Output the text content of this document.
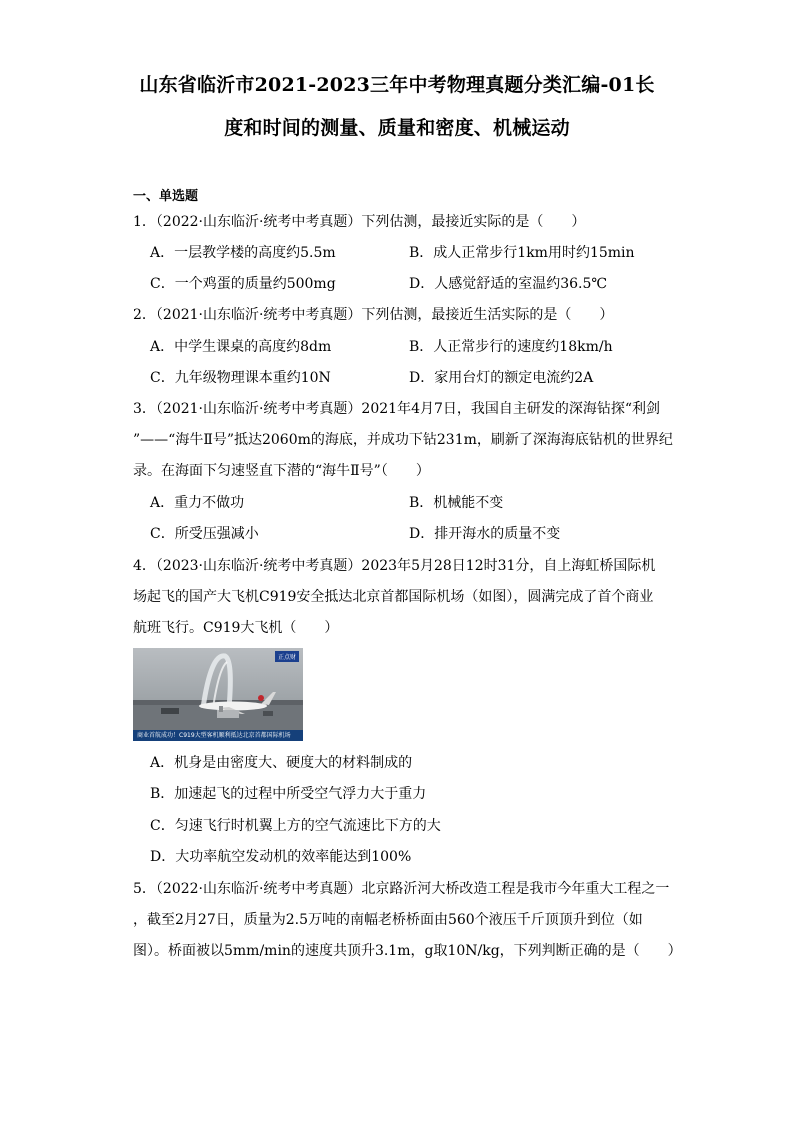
山东省临沂市2021-2023三年中考物理真题分类汇编-01长
度和时间的测量、质量和密度、机械运动
一、单选题
1．（2022·山东临沂·统考中考真题）下列估测，最接近实际的是（　　）
A．一层教学楼的高度约5.5m	B．成人正常步行1km用时约15min
C．一个鸡蛋的质量约500mg	D．人感觉舒适的室温约36.5℃
2．（2021·山东临沂·统考中考真题）下列估测，最接近生活实际的是（　　）
A．中学生课桌的高度约8dm	B．人正常步行的速度约18km/h
C．九年级物理课本重约10N	D．家用台灯的额定电流约2A
3．（2021·山东临沂·统考中考真题）2021年4月7日，我国自主研发的深海钻探“利剑
”——“海牛Ⅱ号”抵达2060m的海底，并成功下钻231m，刷新了深海海底钻机的世界纪
录。在海面下匀速竖直下潜的“海牛Ⅱ号”（　　）
A．重力不做功	B．机械能不变
C．所受压强减小	D．排开海水的质量不变
4．（2023·山东临沂·统考中考真题）2023年5月28日12时31分，自上海虹桥国际机
场起飞的国产大飞机C919安全抵达北京首都国际机场（如图），圆满完成了首个商业
航班飞行。C919大飞机（　　）
正点财
商业首航成功！C919大型客机顺利抵达北京首都国际机场
A．机身是由密度大、硬度大的材料制成的
B．加速起飞的过程中所受空气浮力大于重力
C．匀速飞行时机翼上方的空气流速比下方的大
D．大功率航空发动机的效率能达到100%
5．（2022·山东临沂·统考中考真题）北京路沂河大桥改造工程是我市今年重大工程之一
，截至2月27日，质量为2.5万吨的南幅老桥桥面由560个液压千斤顶顶升到位（如
图）。桥面被以5mm/min的速度共顶升3.1m，g取10N/kg，下列判断正确的是（　　）
